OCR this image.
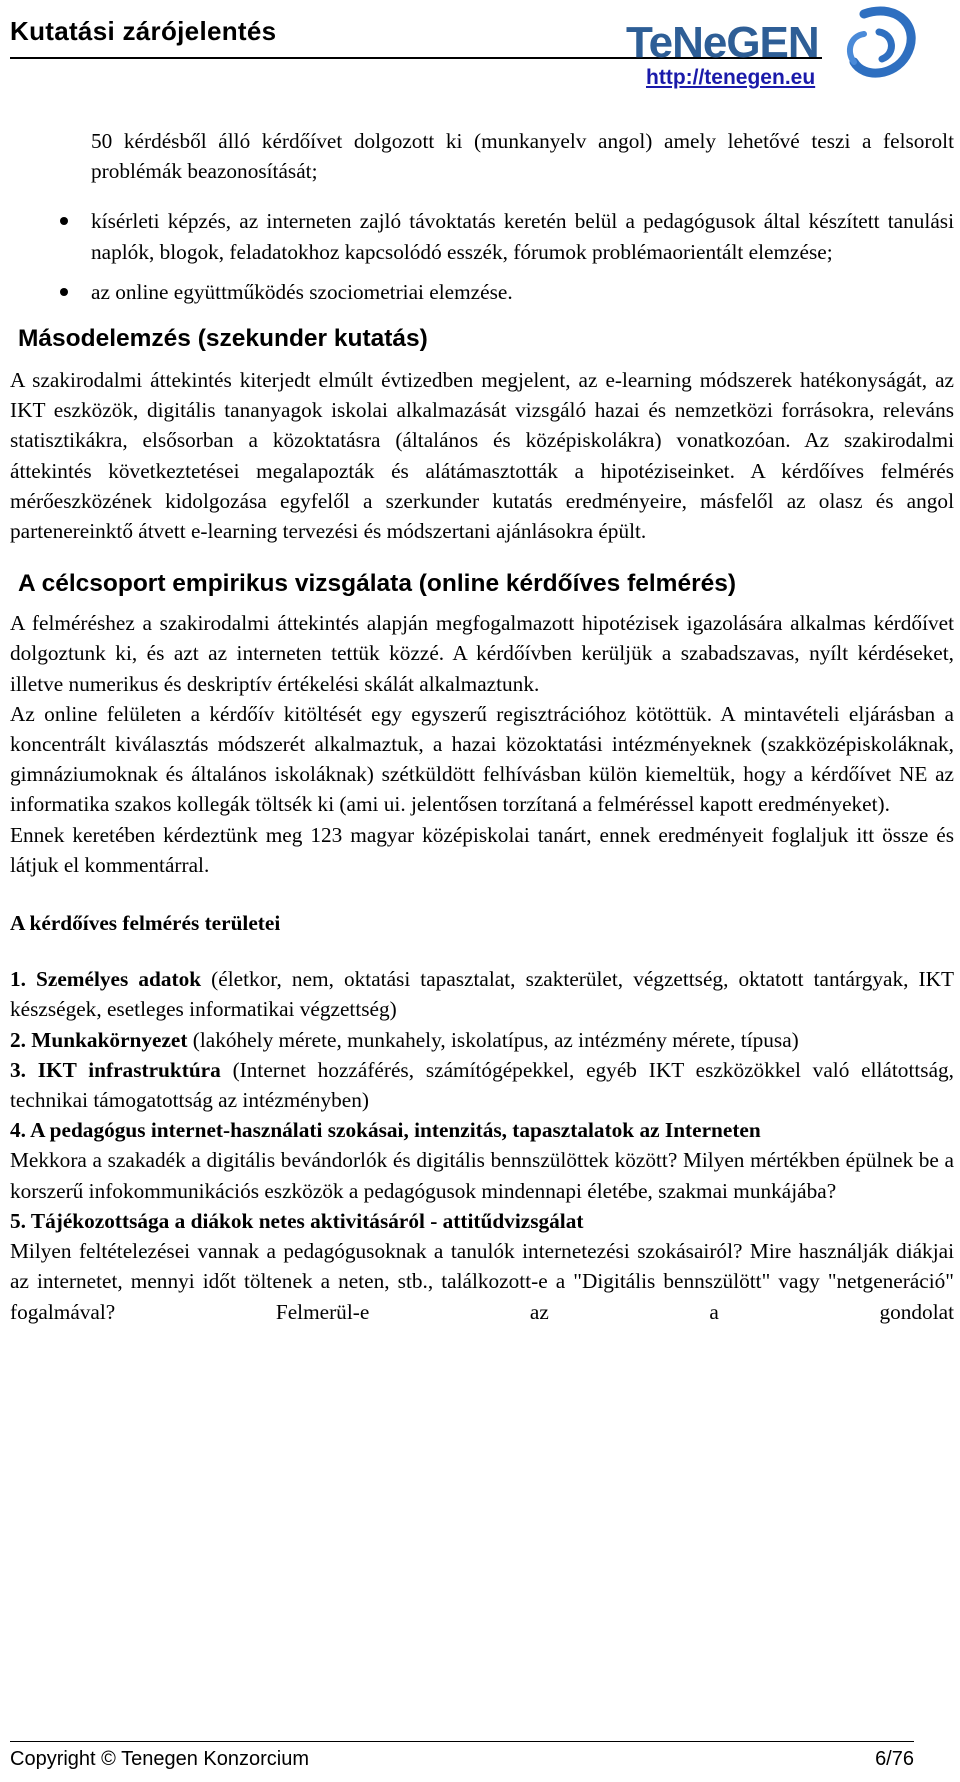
Kutatási zárójelentés	TeNeGEN
http://tenegen.eu

50 kérdésből álló kérdőívet dolgozott ki (munkanyelv angol) amely lehetővé teszi a felsorolt problémák beazonosítását;

kísérleti képzés, az interneten zajló távoktatás keretén belül a pedagógusok által készített tanulási naplók, blogok, feladatokhoz kapcsolódó esszék, fórumok problémaorientált elemzése;

az online együttműködés szociometriai elemzése.

Másodelemzés (szekunder kutatás)

A szakirodalmi áttekintés kiterjedt elmúlt évtizedben megjelent, az e-learning módszerek hatékonyságát, az IKT eszközök, digitális tananyagok iskolai alkalmazását vizsgáló hazai és nemzetközi forrásokra, releváns statisztikákra, elsősorban a közoktatásra (általános és középiskolákra) vonatkozóan. Az szakirodalmi áttekintés következtetései megalapozták és alátámasztották a hipotéziseinket. A kérdőíves felmérés mérőeszközének kidolgozása egyfelől a szerkunder kutatás eredményeire, másfelől az olasz és angol partenereinktő átvett e-learning tervezési és módszertani ajánlásokra épült.

A célcsoport empirikus vizsgálata (online kérdőíves felmérés)

A felméréshez a szakirodalmi áttekintés alapján megfogalmazott hipotézisek igazolására alkalmas kérdőívet dolgoztunk ki, és azt az interneten tettük közzé. A kérdőívben kerüljük a szabadszavas, nyílt kérdéseket, illetve numerikus és deskriptív értékelési skálát alkalmaztunk.

Az online felületen a kérdőív kitöltését egy egyszerű regisztrációhoz kötöttük. A mintavételi eljárásban a koncentrált kiválasztás módszerét alkalmaztuk, a hazai közoktatási intézményeknek (szakközépiskoláknak, gimnáziumoknak és általános iskoláknak) szétküldött felhívásban külön kiemeltük, hogy a kérdőívet NE az informatika szakos kollegák töltsék ki (ami ui. jelentősen torzítaná a felméréssel kapott eredményeket).

Ennek keretében kérdeztünk meg 123 magyar középiskolai tanárt, ennek eredményeit foglaljuk itt össze és látjuk el kommentárral.

A kérdőíves felmérés területei

1. Személyes adatok (életkor, nem, oktatási tapasztalat, szakterület, végzettség, oktatott tantárgyak, IKT készségek, esetleges informatikai végzettség)

2. Munkakörnyezet (lakóhely mérete, munkahely, iskolatípus, az intézmény mérete, típusa)

3. IKT infrastruktúra (Internet hozzáférés, számítógépekkel, egyéb IKT eszközökkel való ellátottság, technikai támogatottság az intézményben)

4. A pedagógus internet-használati szokásai, intenzitás, tapasztalatok az Interneten

Mekkora a szakadék a digitális bevándorlók és digitális bennszülöttek között? Milyen mértékben épülnek be a korszerű infokommunikációs eszközök a pedagógusok mindennapi életébe, szakmai munkájába?

5. Tájékozottsága a diákok netes aktivitásáról - attitűdvizsgálat

Milyen feltételezései vannak a pedagógusoknak a tanulók internetezési szokásairól? Mire használják diákjai az internetet, mennyi időt töltenek a neten, stb., találkozott-e a "Digitális bennszülött" vagy "netgeneráció" fogalmával? Felmerül-e az a gondolat

Copyright © Tenegen Konzorcium	6/76
